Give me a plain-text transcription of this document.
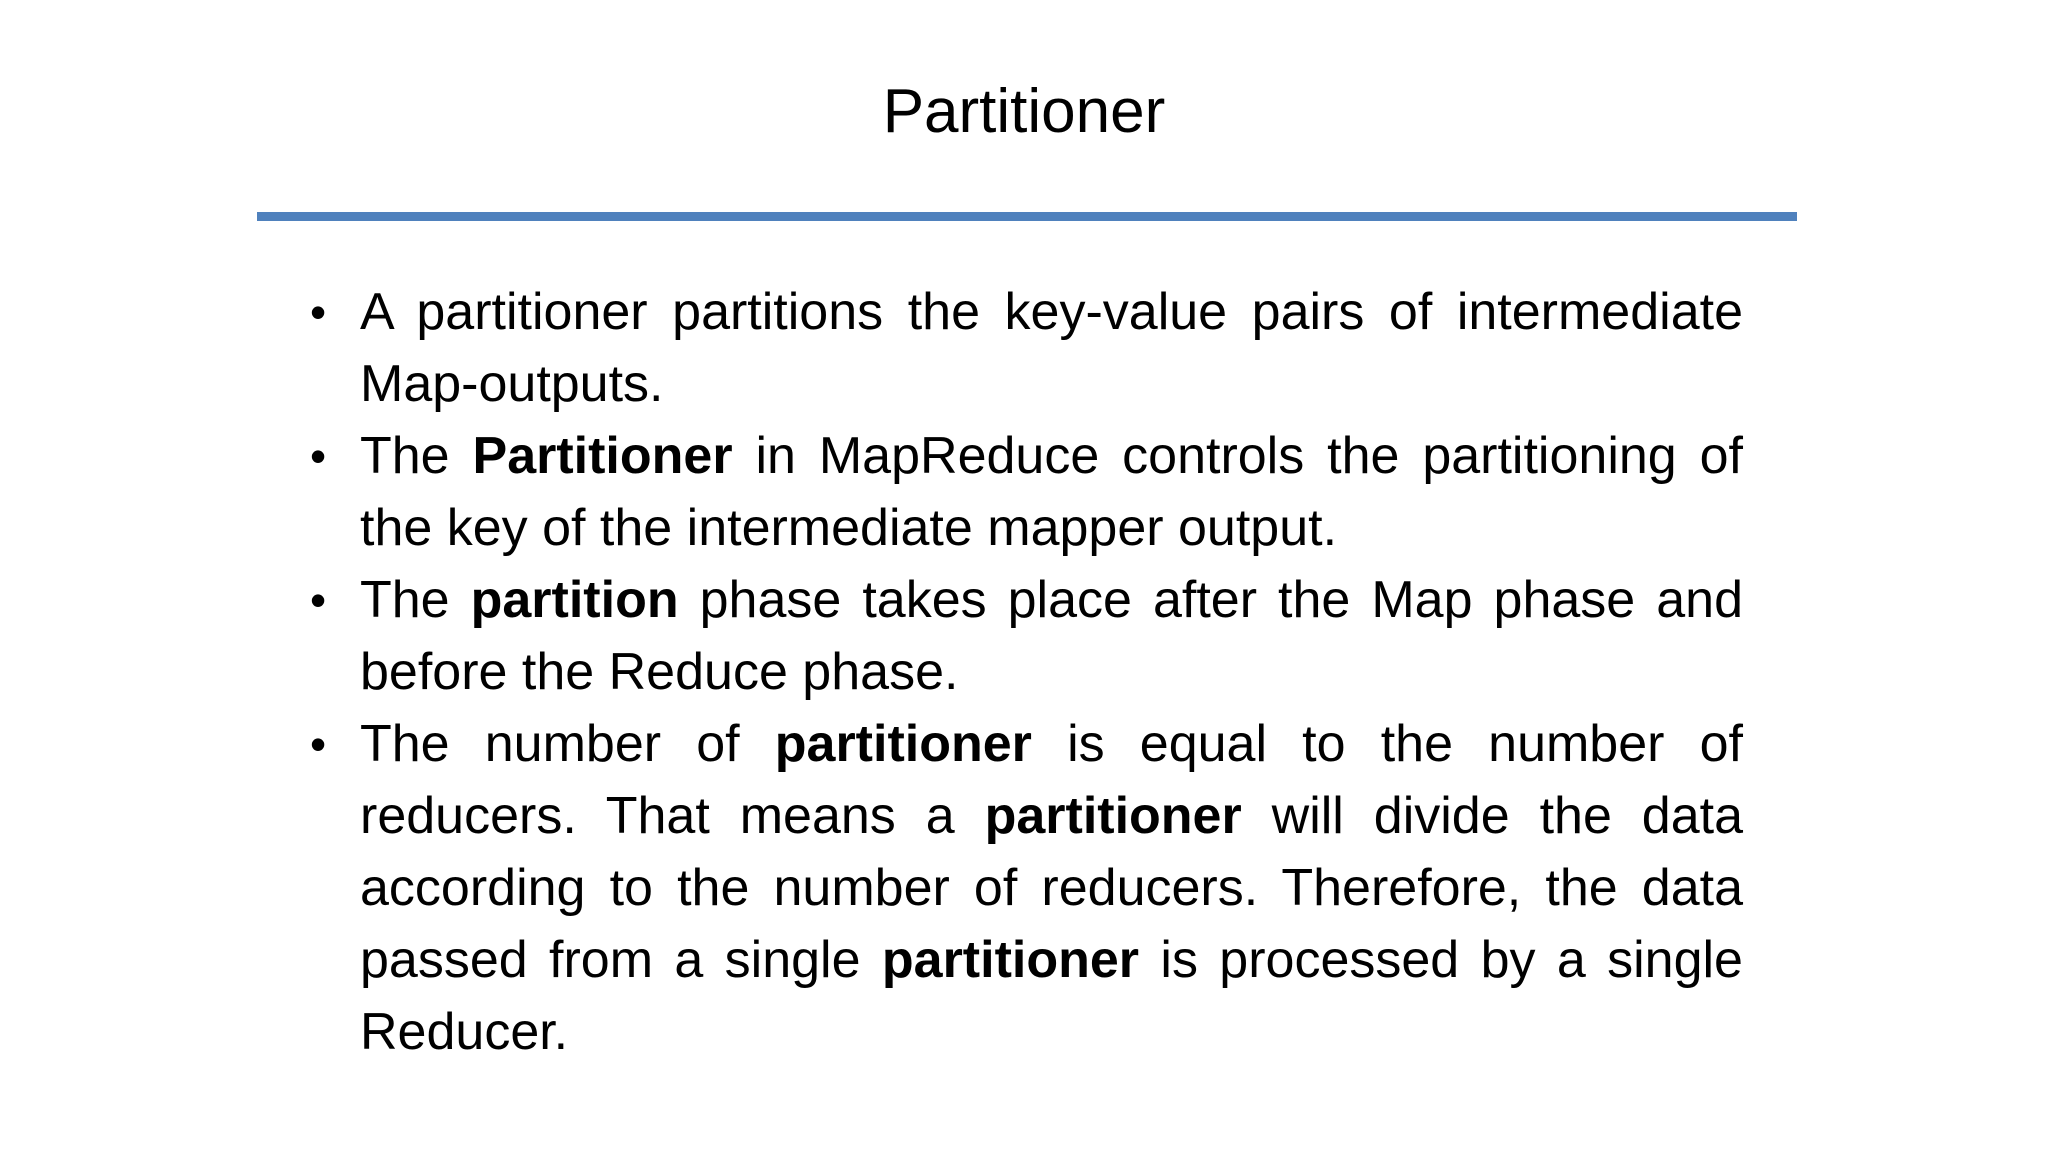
Partitioner
• A partitioner partitions the key-value pairs of intermediate Map-outputs.
• The Partitioner in MapReduce controls the partitioning of the key of the intermediate mapper output.
• The partition phase takes place after the Map phase and before the Reduce phase.
• The number of partitioner is equal to the number of reducers. That means a partitioner will divide the data according to the number of reducers. Therefore, the data passed from a single partitioner is processed by a single Reducer.
